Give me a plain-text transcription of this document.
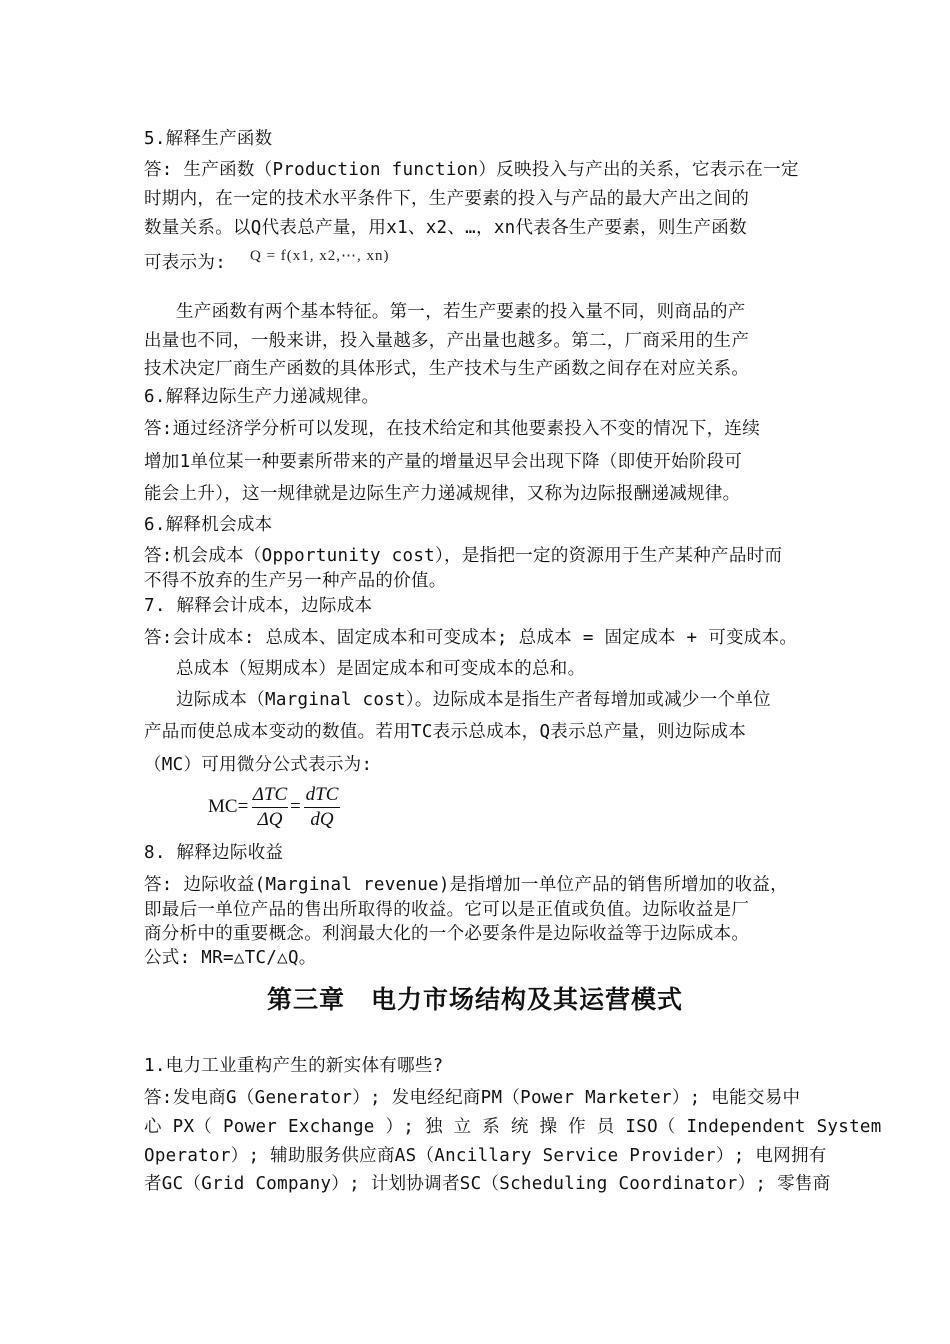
5.解释生产函数
答: 生产函数（Production function）反映投入与产出的关系，它表示在一定
时期内，在一定的技术水平条件下，生产要素的投入与产品的最大产出之间的
数量关系。以Q代表总产量，用x1、x2、…，xn代表各生产要素，则生产函数
可表示为:	Q = f(x1, x2,⋯, xn)
生产函数有两个基本特征。第一，若生产要素的投入量不同，则商品的产
出量也不同，一般来讲，投入量越多，产出量也越多。第二，厂商采用的生产
技术决定厂商生产函数的具体形式，生产技术与生产函数之间存在对应关系。
6.解释边际生产力递减规律。
答:通过经济学分析可以发现，在技术给定和其他要素投入不变的情况下，连续
增加1单位某一种要素所带来的产量的增量迟早会出现下降（即使开始阶段可
能会上升），这一规律就是边际生产力递减规律，又称为边际报酬递减规律。
6.解释机会成本
答:机会成本（Opportunity cost），是指把一定的资源用于生产某种产品时而
不得不放弃的生产另一种产品的价值。
7. 解释会计成本，边际成本
答:会计成本: 总成本、固定成本和可变成本; 总成本 = 固定成本 + 可变成本。
总成本（短期成本）是固定成本和可变成本的总和。
边际成本（Marginal cost）。边际成本是指生产者每增加或减少一个单位
产品而使总成本变动的数值。若用TC表示总成本，Q表示总产量，则边际成本
（MC）可用微分公式表示为:
MC=
ΔTC
ΔQ
=
dTC
dQ
8. 解释边际收益
答: 边际收益(Marginal revenue)是指增加一单位产品的销售所增加的收益，
即最后一单位产品的售出所取得的收益。它可以是正值或负值。边际收益是厂
商分析中的重要概念。利润最大化的一个必要条件是边际收益等于边际成本。
公式: MR=△TC/△Q。
第三章　电力市场结构及其运营模式
1.电力工业重构产生的新实体有哪些?
答:发电商G（Generator）; 发电经纪商PM（Power Marketer）; 电能交易中
心 PX（ Power Exchange ）; 独 立 系 统 操 作 员 ISO（ Independent System
Operator）; 辅助服务供应商AS（Ancillary Service Provider）; 电网拥有
者GC（Grid Company）; 计划协调者SC（Scheduling Coordinator）; 零售商
